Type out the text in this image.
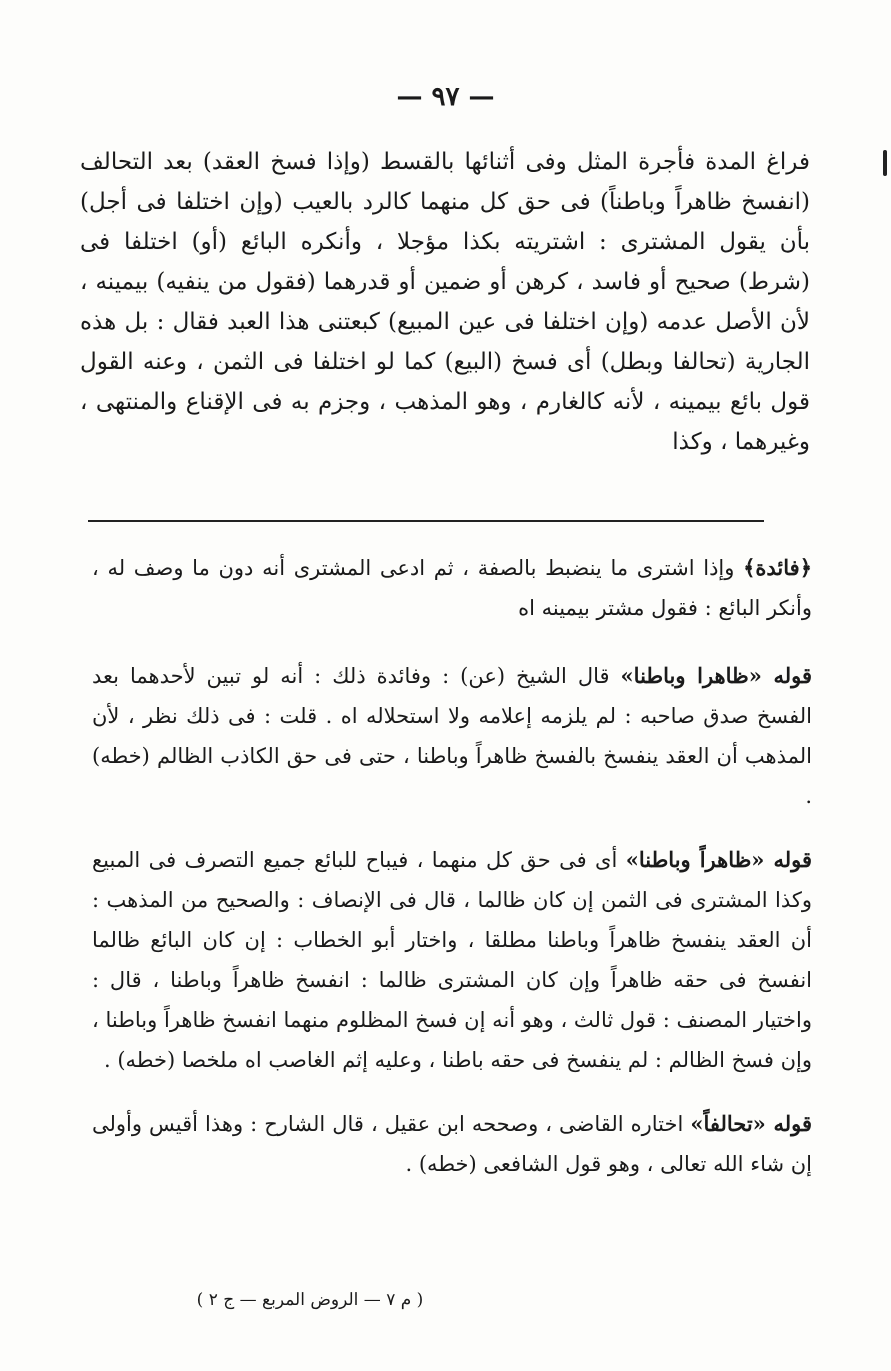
— ٩٧ —

فراغ المدة فأجرة المثل وفى أثنائها بالقسط (وإذا فسخ العقد) بعد التحالف (انفسخ ظاهراً وباطناً) فى حق كل منهما كالرد بالعيب (وإن اختلفا فى أجل) بأن يقول المشترى : اشتريته بكذا مؤجلا ، وأنكره البائع (أو) اختلفا فى (شرط) صحيح أو فاسد ، كرهن أو ضمين أو قدرهما (فقول من ينفيه) بيمينه ، لأن الأصل عدمه (وإن اختلفا فى عين المبيع) كبعتنى هذا العبد فقال : بل هذه الجارية (تحالفا وبطل) أى فسخ (البيع) كما لو اختلفا فى الثمن ، وعنه القول قول بائع بيمينه ، لأنه كالغارم ، وهو المذهب ، وجزم به فى الإقناع والمنتهى ، وغيرهما ، وكذا

﴿فائدة﴾ وإذا اشترى ما ينضبط بالصفة ، ثم ادعى المشترى أنه دون ما وصف له ، وأنكر البائع : فقول مشتر بيمينه اه

قوله «ظاهرا وباطنا» قال الشيخ (عن) : وفائدة ذلك : أنه لو تبين لأحدهما بعد الفسخ صدق صاحبه : لم يلزمه إعلامه ولا استحلاله اه . قلت : فى ذلك نظر ، لأن المذهب أن العقد ينفسخ بالفسخ ظاهراً وباطنا ، حتى فى حق الكاذب الظالم (خطه) .

قوله «ظاهراً وباطنا» أى فى حق كل منهما ، فيباح للبائع جميع التصرف فى المبيع وكذا المشترى فى الثمن إن كان ظالما ، قال فى الإنصاف : والصحيح من المذهب : أن العقد ينفسخ ظاهراً وباطنا مطلقا ، واختار أبو الخطاب : إن كان البائع ظالما انفسخ فى حقه ظاهراً وإن كان المشترى ظالما : انفسخ ظاهراً وباطنا ، قال : واختيار المصنف : قول ثالث ، وهو أنه إن فسخ المظلوم منهما انفسخ ظاهراً وباطنا ، وإن فسخ الظالم : لم ينفسخ فى حقه باطنا ، وعليه إثم الغاصب اه ملخصا (خطه) .

قوله «تحالفاً» اختاره القاضى ، وصححه ابن عقيل ، قال الشارح : وهذا أقيس وأولى إن شاء الله تعالى ، وهو قول الشافعى (خطه) .

( م ٧ — الروض المربع — ج ٢ )
